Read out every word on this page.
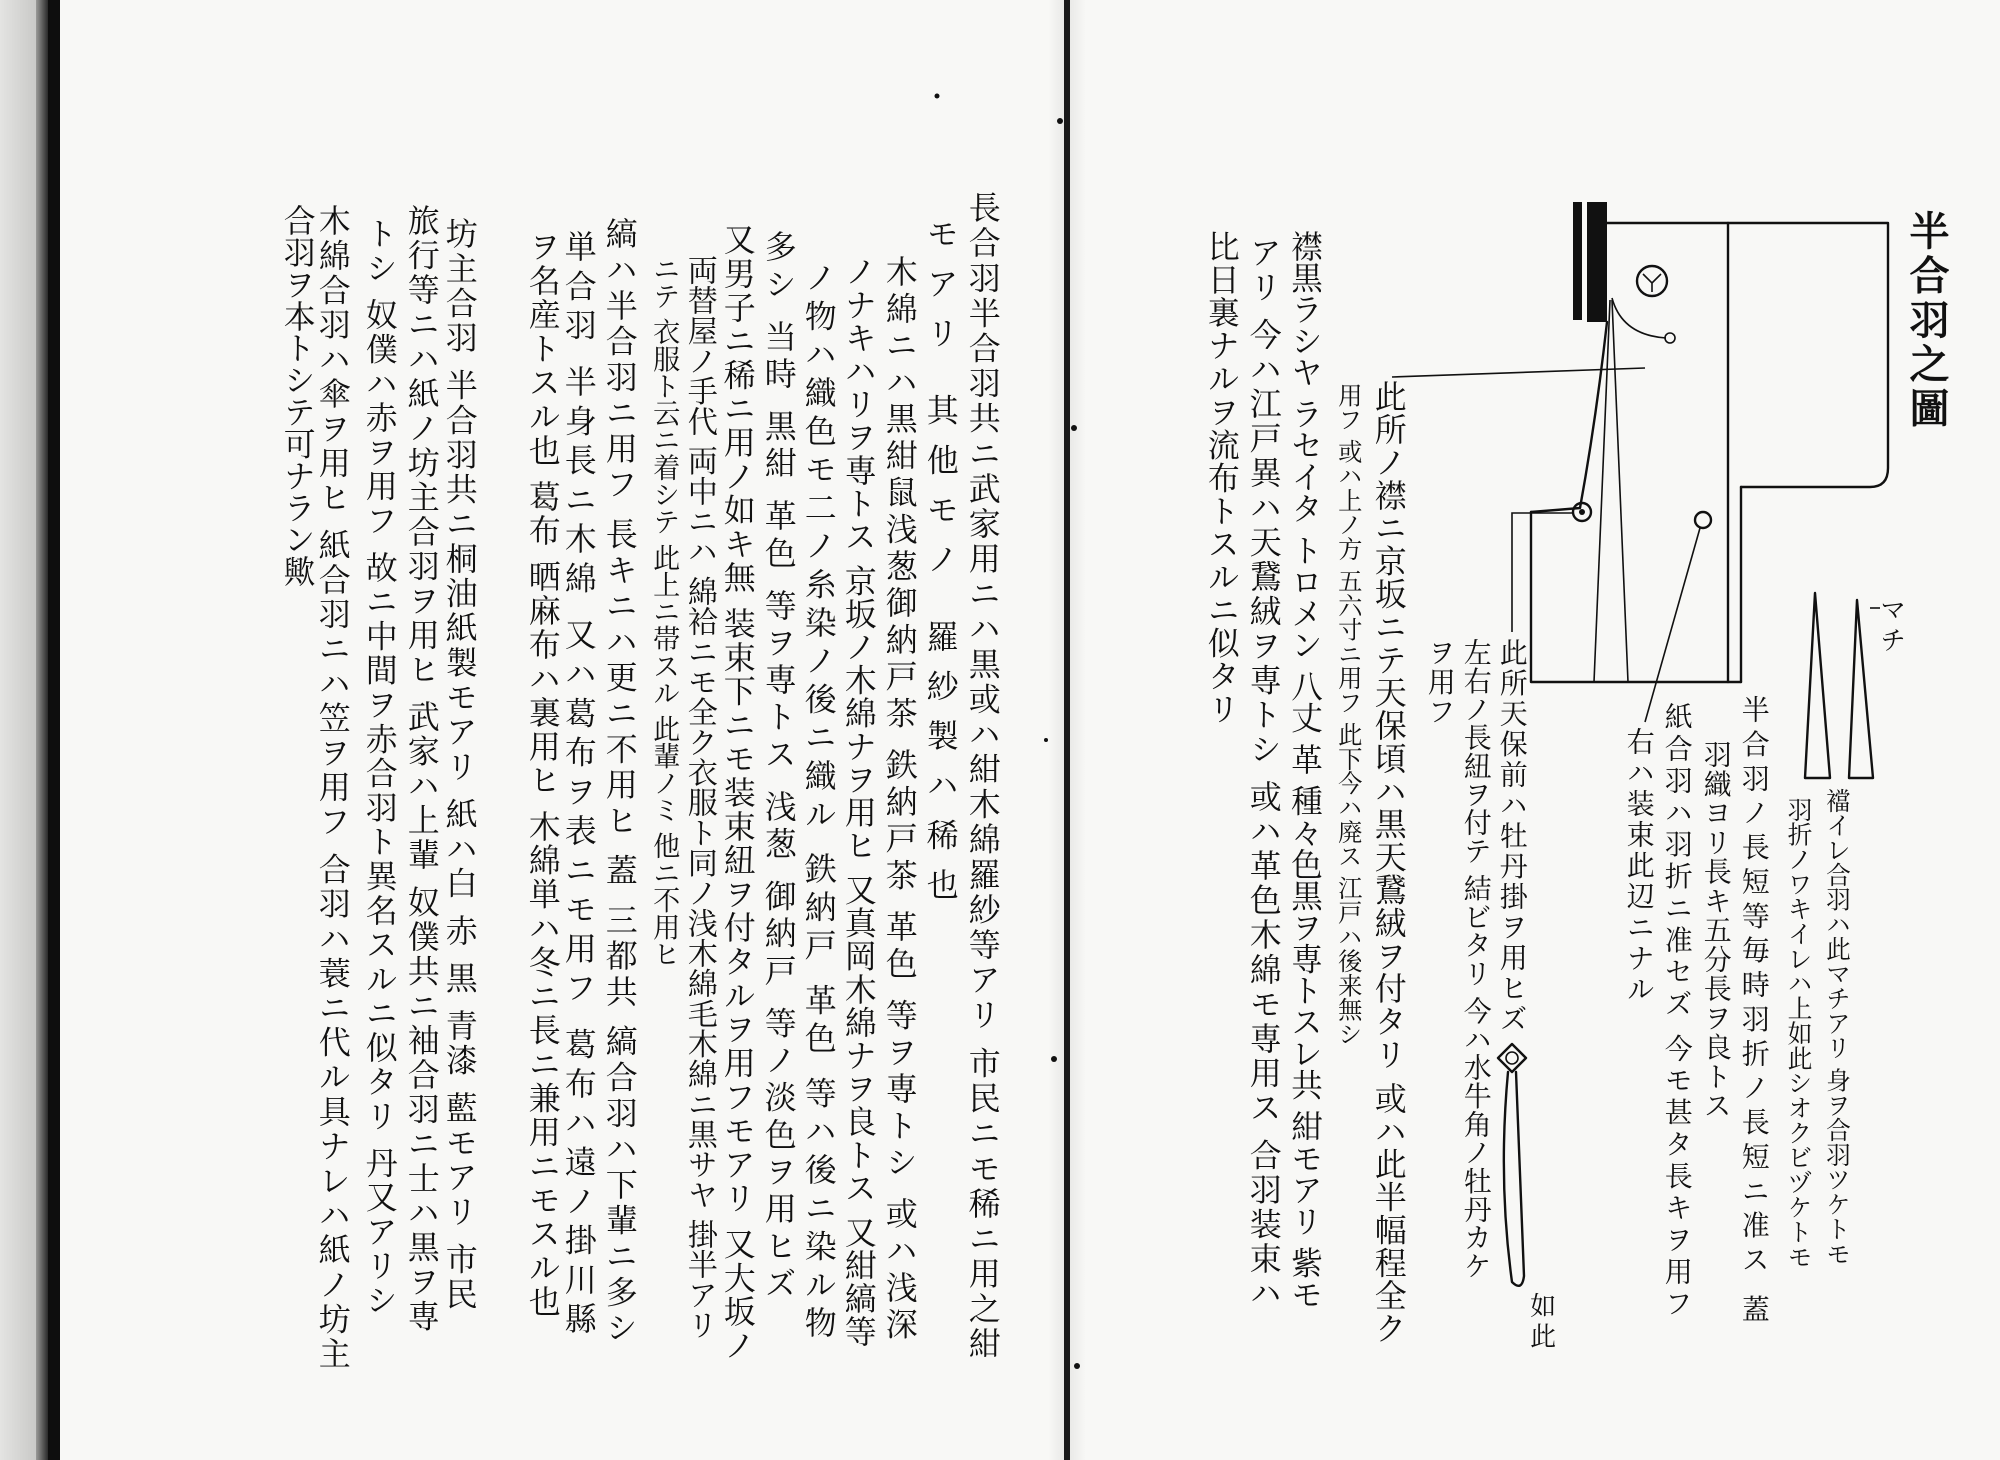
長合羽半合羽共ニ武家用ニハ黒或ハ紺木綿羅紗等アリ 市民ニモ稀ニ用之紺
モアリ 其他モノ 羅紗製ハ稀也
木綿ニハ黒紺鼠浅葱御納戸茶 鉄納戸茶 革色 等ヲ専トシ 或ハ浅深
ノナキハリヲ専トス 京坂ノ木綿ナヲ用ヒ 又真岡木綿ナヲ良トス 又紺縞等
ノ物ハ織色モ二ノ糸染ノ後ニ織ル 鉄納戸 革色 等ハ後ニ染ル物
多シ 当時 黒紺 革色 等ヲ専トス 浅葱 御納戸 等ノ淡色ヲ用ヒズ
又男子ニ稀ニ用ノ如キ無 装束下ニモ装束紐ヲ付タルヲ用フモアリ 又大坂ノ
両替屋ノ手代 両中ニハ 綿袷ニモ全ク衣服ト同ノ浅木綿毛木綿ニ黒サヤ 掛半アリ
ニテ 衣服ト云ニ着シテ 此上ニ帯スル 此輩ノミ 他ニ不用ヒ
縞ハ半合羽ニ用フ 長キニハ更ニ不用ヒ 蓋 三都共 縞合羽ハ下輩ニ多シ
単合羽 半身長ニ木綿 又ハ葛布ヲ表ニモ用フ 葛布ハ遠ノ掛川縣
ヲ名産トスル也 葛布 晒麻布ハ裏用ヒ 木綿単ハ冬ニ長ニ兼用ニモスル也
坊主合羽 半合羽共ニ桐油紙製モアリ 紙ハ白 赤 黒 青漆 藍モアリ 市民
旅行等ニハ紙ノ坊主合羽ヲ用ヒ 武家ハ上輩 奴僕共ニ袖合羽ニ士ハ黒ヲ専
トシ 奴僕ハ赤ヲ用フ 故ニ中間ヲ赤合羽ト異名スルニ似タリ 丹又アリシ
木綿合羽ハ傘ヲ用ヒ 紙合羽ニハ笠ヲ用フ 合羽ハ蓑ニ代ル具ナレハ紙ノ坊主
合羽ヲ本トシテ可ナラン歟	半合羽之圖
マチ
襠イレ合羽ハ此マチアリ 身ヲ合羽ツケトモ
羽折ノワキイレハ上如此シオクビヅケトモ
半合羽ノ長短等毎時羽折ノ長短ニ准ス 蓋
羽織ヨリ長キ五分長ヲ良トス
紙合羽ハ羽折ニ准セズ 今モ甚タ長キヲ用フ
右ハ装束此辺ニナル
此所天保前ハ牡丹掛ヲ用ヒズ
左右ノ長紐ヲ付テ 結ビタリ 今ハ水牛角ノ牡丹カケ
ヲ用フ
如此
此所ノ襟ニ京坂ニテ天保頃ハ黒天鵞絨ヲ付タリ 或ハ此半幅程全ク
用フ 或ハ上ノ方 五六寸ニ用フ 此下今ハ廃ス 江戸ハ後来無シ
襟黒ラシヤ ラセイタ トロメン 八丈 革 種々色黒ヲ専トスレ共 紺モアリ 紫モ
アリ 今ハ江戸異ハ天鵞絨ヲ専トシ 或ハ革色木綿モ専用ス 合羽装束ハ
比日裏ナルヲ流布トスルニ似タリ
